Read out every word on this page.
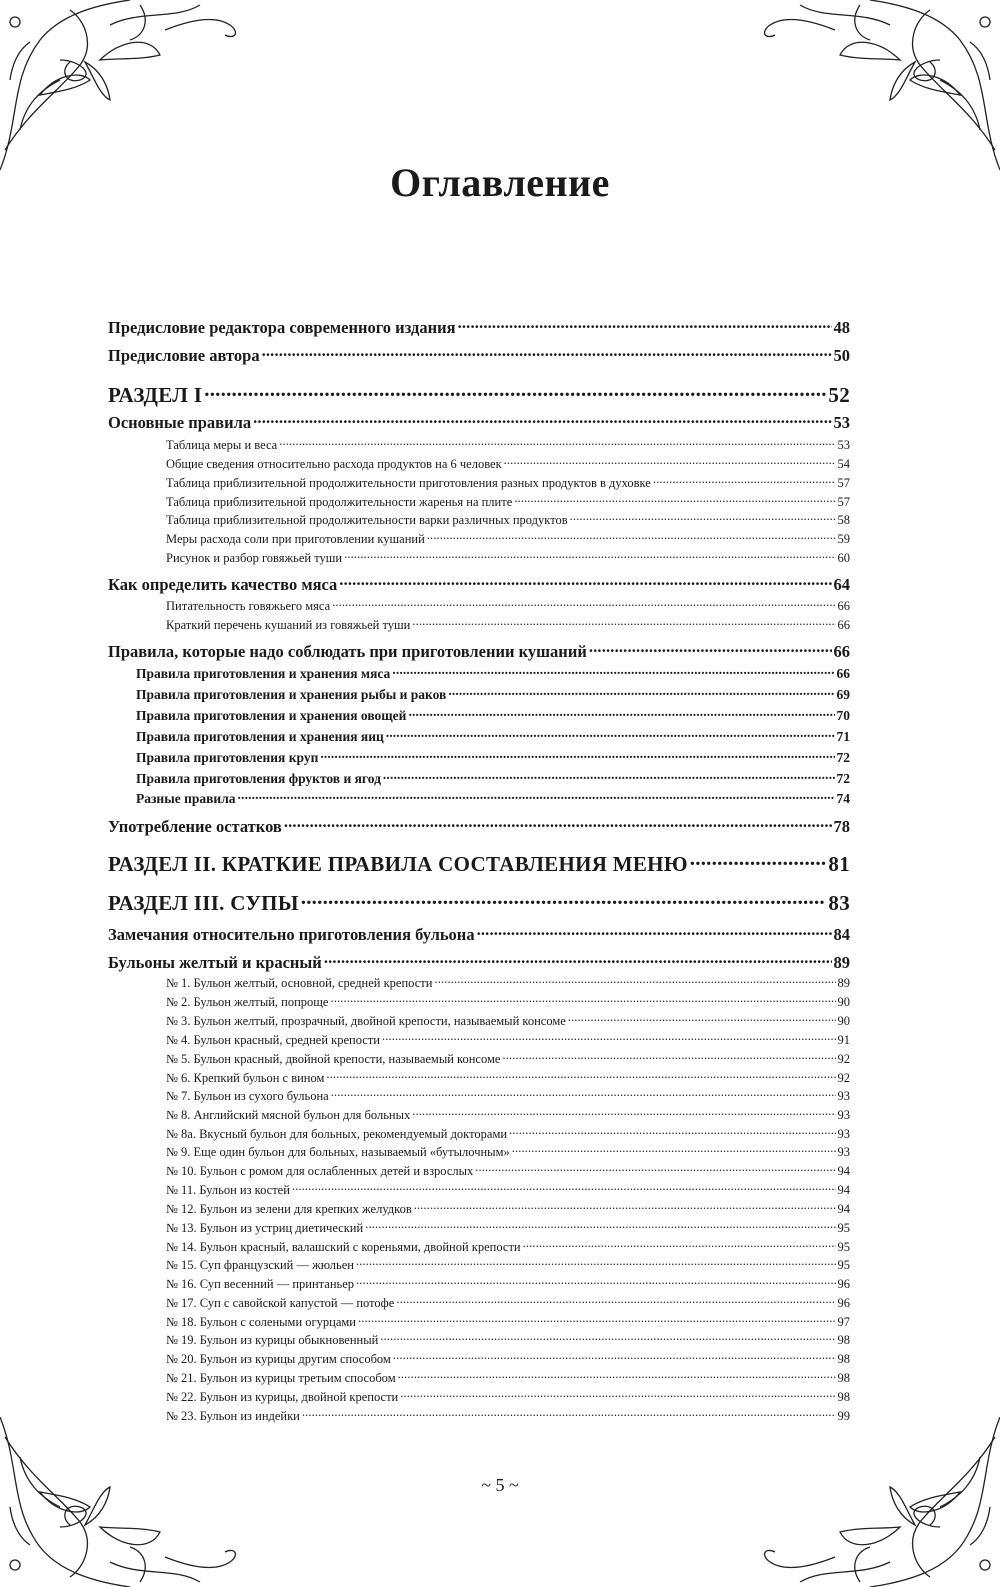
Оглавление
Предисловие редактора современного издания . . .	48
Предисловие автора . . .	50
РАЗДЕЛ I . . .	52
Основные правила . . .	53
Таблица меры и веса . . .	53
Общие сведения относительно расхода продуктов на 6 человек . . .	54
Таблица приблизительной продолжительности приготовления разных продуктов в духовке . . .	57
Таблица приблизительной продолжительности жаренья на плите . . .	57
Таблица приблизительной продолжительности варки различных продуктов . . .	58
Меры расхода соли при приготовлении кушаний . . .	59
Рисунок и разбор говяжьей туши . . .	60
Как определить качество мяса . . .	64
Питательность говяжьего мяса . . .	66
Краткий перечень кушаний из говяжьей туши . . .	66
Правила, которые надо соблюдать при приготовлении кушаний . . .	66
Правила приготовления и хранения мяса . . .	66
Правила приготовления и хранения рыбы и раков . . .	69
Правила приготовления и хранения овощей . . .	70
Правила приготовления и хранения яиц . . .	71
Правила приготовления круп . . .	72
Правила приготовления фруктов и ягод . . .	72
Разные правила . . .	74
Употребление остатков . . .	78
РАЗДЕЛ II. КРАТКИЕ ПРАВИЛА СОСТАВЛЕНИЯ МЕНЮ . . .	81
РАЗДЕЛ III. СУПЫ . . .	83
Замечания относительно приготовления бульона . . .	84
Бульоны желтый и красный . . .	89
№ 1. Бульон желтый, основной, средней крепости . . .	89
№ 2. Бульон желтый, попроще . . .	90
№ 3. Бульон желтый, прозрачный, двойной крепости, называемый консоме . . .	90
№ 4. Бульон красный, средней крепости . . .	91
№ 5. Бульон красный, двойной крепости, называемый консоме . . .	92
№ 6. Крепкий бульон с вином . . .	92
№ 7. Бульон из сухого бульона . . .	93
№ 8. Английский мясной бульон для больных . . .	93
№ 8а. Вкусный бульон для больных, рекомендуемый докторами . . .	93
№ 9. Еще один бульон для больных, называемый «бутылочным» . . .	93
№ 10. Бульон с ромом для ослабленных детей и взрослых . . .	94
№ 11. Бульон из костей . . .	94
№ 12. Бульон из зелени для крепких желудков . . .	94
№ 13. Бульон из устриц диетический . . .	95
№ 14. Бульон красный, валашский с кореньями, двойной крепости . . .	95
№ 15. Суп французский — жюльен . . .	95
№ 16. Суп весенний — принтаньер . . .	96
№ 17. Суп с савойской капустой — потофе . . .	96
№ 18. Бульон с солеными огурцами . . .	97
№ 19. Бульон из курицы обыкновенный . . .	98
№ 20. Бульон из курицы другим способом . . .	98
№ 21. Бульон из курицы третьим способом . . .	98
№ 22. Бульон из курицы, двойной крепости . . .	98
№ 23. Бульон из индейки . . .	99
~ 5 ~
